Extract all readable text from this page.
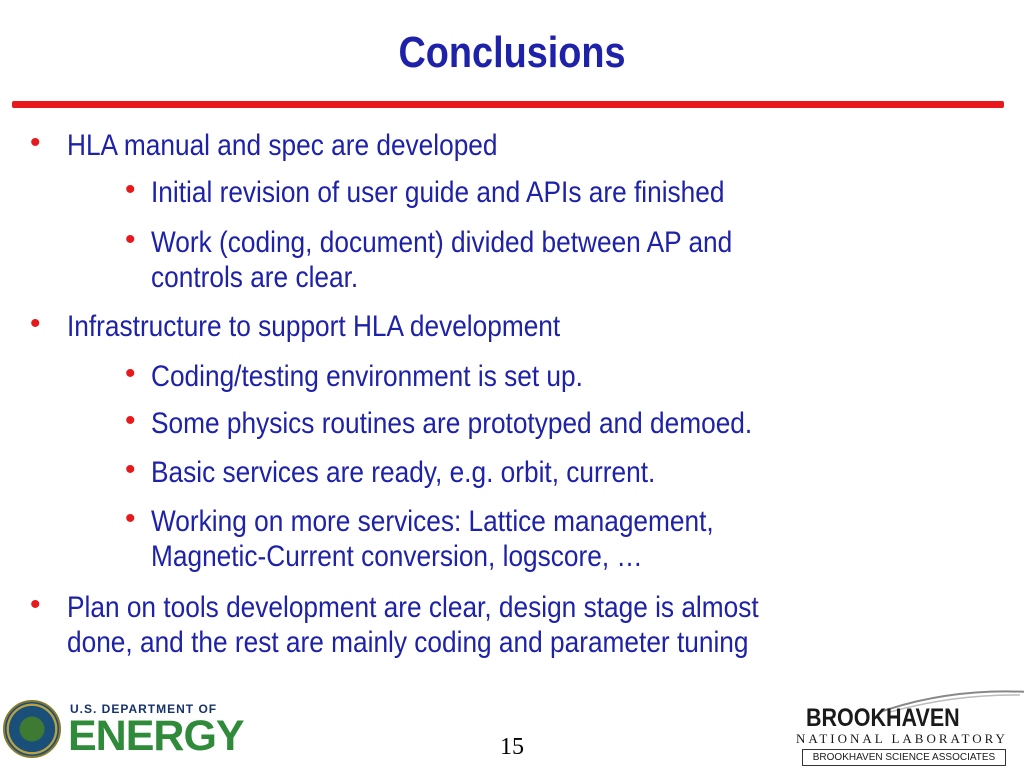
Conclusions
• HLA manual and spec are developed
• Initial revision of user guide and APIs are finished
• Work (coding, document) divided between AP and
controls are clear.
• Infrastructure to support HLA development
• Coding/testing environment is set up.
• Some physics routines are prototyped and demoed.
• Basic services are ready, e.g. orbit, current.
• Working on more services: Lattice management,
Magnetic-Current conversion, logscore, …
• Plan on tools development are clear, design stage is almost
done, and the rest are mainly coding and parameter tuning
U.S. DEPARTMENT OF
ENERGY	15
BROOKHAVEN
NATIONAL LABORATORY
BROOKHAVEN SCIENCE ASSOCIATES
